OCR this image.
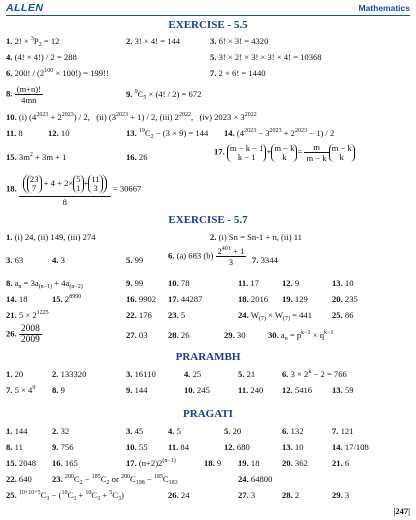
ALLEN	Mathematics
EXERCISE - 5.5
1. 2! × $^3P_2 = 12$	2. 3! × 4! = 144	3. 6! × 3! = 4320
4. (4! × 4!) / 2 = 288	5. 3! × 2! × 3! × 3! × 4! = 10368
6. 200! / $(2^{100} \times 100!) = 199$!!	7. 2 × 6! = 1440
8. $\frac{(m+n)!}{4mn}$	9. $^9C_5 \times (4$! / 2) = 672
10. (i) $(4^{2023} + 2^{2023}) / 2$,   (ii) $(3^{2023} + 1) / 2$, (iii) $2^{2022}$,   (iv) $2023 \times 3^{2022}$
11. 8	12. 10	13. $^{19}C_2 - (3 \times 9) = 144$ 14. $(4^{2023} - 3^{2023} + 2^{2023} - 1) / 2$
15. $3m^2 + 3m + 1$	16. 26
17. m − k − 1
k − 1
+ m − k
k
= $\frac{m}{m - k}$ m − k
k
18. 23
7
+ 4 + 2× 5
1
+ 11
3
8 = 30667
EXERCISE - 5.7
1. (i) 24, (ii) 149, (iii) 274	2. (i) Sn = Sn-1 + n, (ii) 11
3. 63	4. 3	5. 99	6. (a) 683 $(b) \frac{2^{401} + 1}{3} 7$. 3344
8. $a_n = 3a_{(n-1)} + 4a_{(n-2)}$	9. 99	10. 78	11. 17	12. 9	13. 10
14. 18	15. $2^{8990}$	16. 9902 17. 44287	18. 2016 19. 129	20. 235
21. $5 \times 2^{1225}$	22. 176 23. 5	24. $W_{(7)} \times W_{(7)} = 441$ 25. 86
26. $\frac{2008}{2009}$	27. 03 28. 26	29. 30	30. $a_n = p^{k-1} \times q^{k-1}$
PRARAMBH
1. 20	2. 133320	3. 16110	4. 25	5. 21	6. $3 \times 2^k - 2 = 766$
7. $5 \times 4^9$ 8. 9	9. 144	10. 245	11. 240 12. 5416 13. 59
PRAGATI
1. 144	2. 32	3. 45	4. 5	5. 20	6. 132	7. 121
8. 11	9. 756	10. 55 11. 84	12. 680	13. 10	14. 17/108
15. 2048 16. 165	17. $(n+2)2^{(n-1)}$	18. 9 19. 18	20. 362	21. 6
22. 640 23. $^{200}C_2 - ^{185}C_2$ or $^{200}C_{198} - ^{185}C_{183}$	24. 64800
25. $^{10+10+5}C_3 - (^{10}C_3 + ^{10}C_3 + ^5C_3)$	26. 24	27. 3	28. 2	29. 3
|247|
